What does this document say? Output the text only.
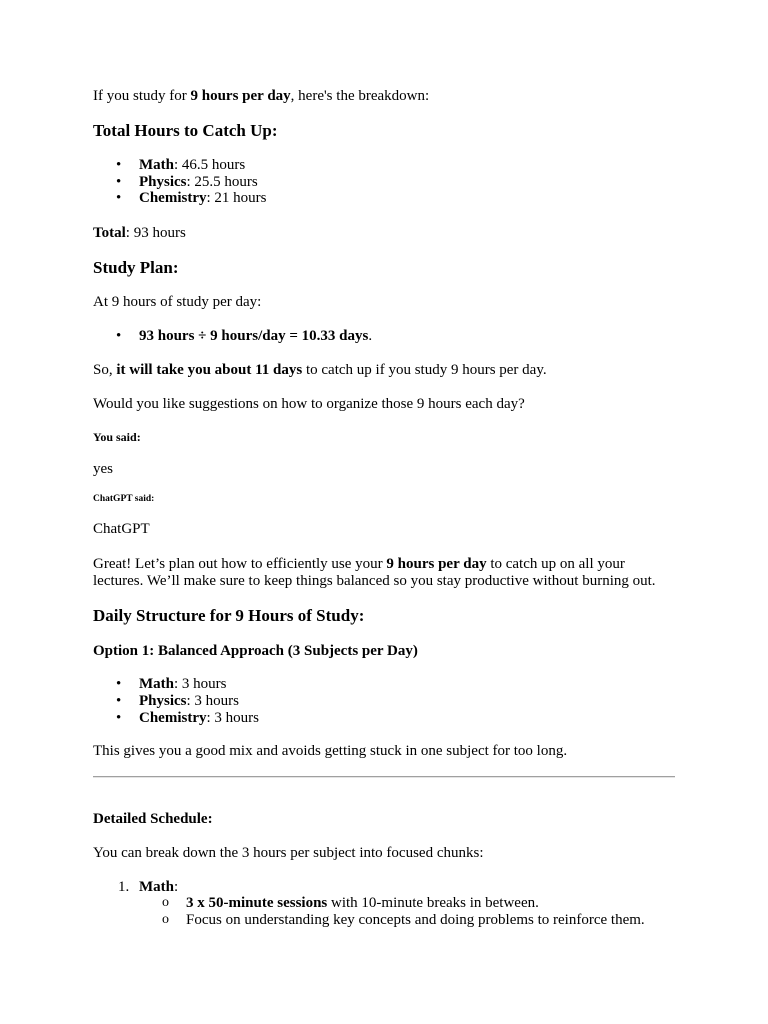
If you study for 9 hours per day, here's the breakdown:
Total Hours to Catch Up:
• Math: 46.5 hours
• Physics: 25.5 hours
• Chemistry: 21 hours
Total: 93 hours
Study Plan:
At 9 hours of study per day:
• 93 hours ÷ 9 hours/day = 10.33 days.
So, it will take you about 11 days to catch up if you study 9 hours per day.
Would you like suggestions on how to organize those 9 hours each day?
You said:
yes
ChatGPT said:
ChatGPT
Great! Let’s plan out how to efficiently use your 9 hours per day to catch up on all your lectures. We’ll make sure to keep things balanced so you stay productive without burning out.
Daily Structure for 9 Hours of Study:
Option 1: Balanced Approach (3 Subjects per Day)
• Math: 3 hours
• Physics: 3 hours
• Chemistry: 3 hours
This gives you a good mix and avoids getting stuck in one subject for too long.
Detailed Schedule:
You can break down the 3 hours per subject into focused chunks:
1. Math:
o 3 x 50-minute sessions with 10-minute breaks in between.
o Focus on understanding key concepts and doing problems to reinforce them.
